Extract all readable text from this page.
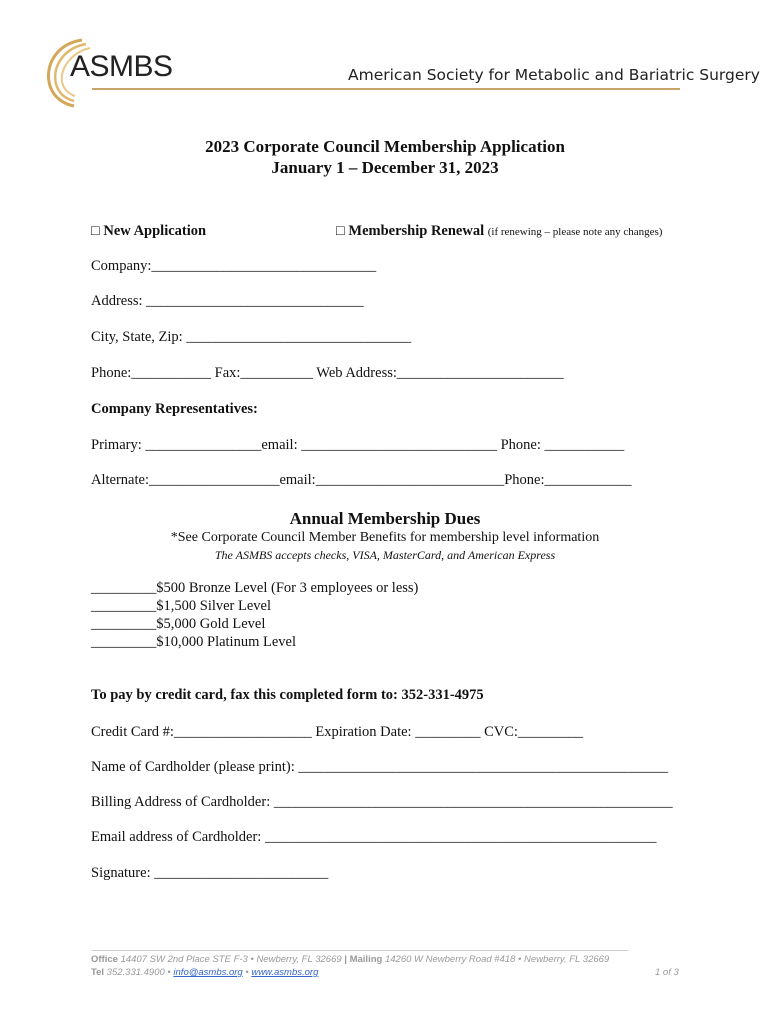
ASMBS	American Society for Metabolic and Bariatric Surgery
2023 Corporate Council Membership Application
January 1 – December 31, 2023
□ New Application	□ Membership Renewal (if renewing – please note any changes)
Company:_______________________________
Address: ______________________________
City, State, Zip: _______________________________
Phone:___________ Fax:__________ Web Address:_______________________
Company Representatives:
Primary: ________________email: ___________________________ Phone: ___________
Alternate:__________________email:__________________________Phone:____________
Annual Membership Dues
*See Corporate Council Member Benefits for membership level information
The ASMBS accepts checks, VISA, MasterCard, and American Express
_________$500 Bronze Level (For 3 employees or less)
_________$1,500 Silver Level
_________$5,000 Gold Level
_________$10,000 Platinum Level
To pay by credit card, fax this completed form to: 352-331-4975
Credit Card #:___________________ Expiration Date: _________ CVC:_________
Name of Cardholder (please print): ___________________________________________________
Billing Address of Cardholder: _______________________________________________________
Email address of Cardholder: ______________________________________________________
Signature: ________________________
Office 14407 SW 2nd Place STE F-3 • Newberry, FL 32669 | Mailing 14260 W Newberry Road #418 • Newberry, FL 32669
Tel 352.331.4900 • info@asmbs.org • www.asmbs.org	1 of 3
